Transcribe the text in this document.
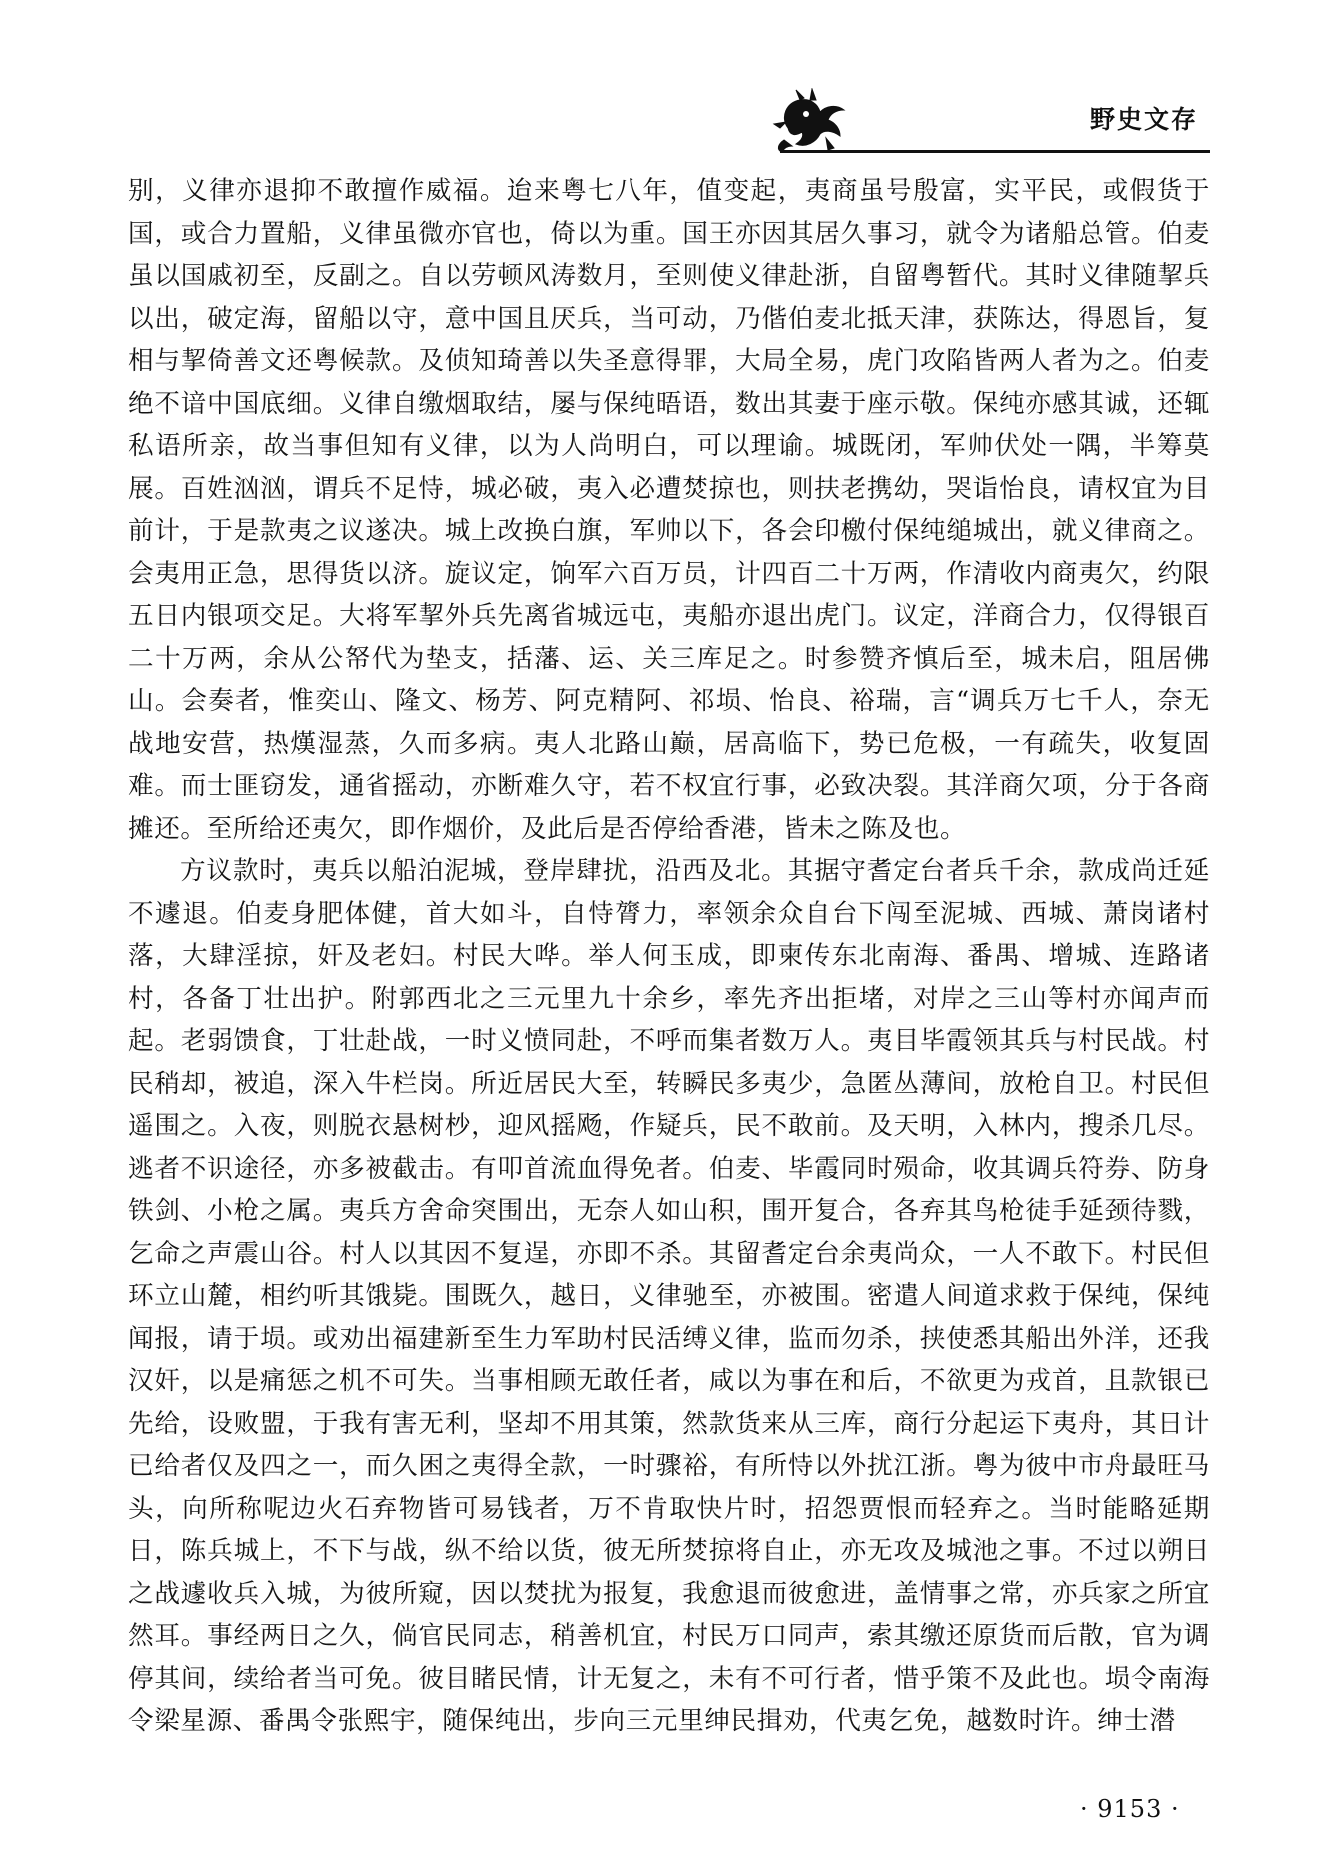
野史文存

别，义律亦退抑不敢擅作威福。迨来粤七八年，值变起，夷商虽号殷富，实平民，或假货于国，或合力置船，义律虽微亦官也，倚以为重。国王亦因其居久事习，就令为诸船总管。伯麦虽以国戚初至，反副之。自以劳顿风涛数月，至则使义律赴浙，自留粤暂代。其时义律随挈兵以出，破定海，留船以守，意中国且厌兵，当可动，乃偕伯麦北抵天津，获陈达，得恩旨，复相与挈倚善文还粤候款。及侦知琦善以失圣意得罪，大局全易，虎门攻陷皆两人者为之。伯麦绝不谙中国底细。义律自缴烟取结，屡与保纯晤语，数出其妻于座示敬。保纯亦感其诚，还辄私语所亲，故当事但知有义律，以为人尚明白，可以理谕。城既闭，军帅伏处一隅，半筹莫展。百姓汹汹，谓兵不足恃，城必破，夷入必遭焚掠也，则扶老携幼，哭诣怡良，请权宜为目前计，于是款夷之议遂决。城上改换白旗，军帅以下，各会印檄付保纯缒城出，就义律商之。会夷用正急，思得货以济。旋议定，饷军六百万员，计四百二十万两，作清收内商夷欠，约限五日内银项交足。大将军挈外兵先离省城远屯，夷船亦退出虎门。议定，洋商合力，仅得银百二十万两，余从公帑代为垫支，括藩、运、关三库足之。时参赞齐慎后至，城未启，阻居佛山。会奏者，惟奕山、隆文、杨芳、阿克精阿、祁埙、怡良、裕瑞，言“调兵万七千人，奈无战地安营，热熯湿蒸，久而多病。夷人北路山巅，居高临下，势已危极，一有疏失，收复固难。而士匪窃发，通省摇动，亦断难久守，若不权宜行事，必致决裂。其洋商欠项，分于各商摊还。至所给还夷欠，即作烟价，及此后是否停给香港，皆未之陈及也。

方议款时，夷兵以船泊泥城，登岸肆扰，沿西及北。其据守耆定台者兵千余，款成尚迁延不遽退。伯麦身肥体健，首大如斗，自恃膂力，率领余众自台下闯至泥城、西城、萧岗诸村落，大肆淫掠，奸及老妇。村民大哗。举人何玉成，即柬传东北南海、番禺、增城、连路诸村，各备丁壮出护。附郭西北之三元里九十余乡，率先齐出拒堵，对岸之三山等村亦闻声而起。老弱馈食，丁壮赴战，一时义愤同赴，不呼而集者数万人。夷目毕霞领其兵与村民战。村民稍却，被追，深入牛栏岗。所近居民大至，转瞬民多夷少，急匿丛薄间，放枪自卫。村民但遥围之。入夜，则脱衣悬树杪，迎风摇飏，作疑兵，民不敢前。及天明，入林内，搜杀几尽。逃者不识途径，亦多被截击。有叩首流血得免者。伯麦、毕霞同时殒命，收其调兵符券、防身铁剑、小枪之属。夷兵方舍命突围出，无奈人如山积，围开复合，各弃其鸟枪徒手延颈待戮，乞命之声震山谷。村人以其因不复逞，亦即不杀。其留耆定台余夷尚众，一人不敢下。村民但环立山麓，相约听其饿毙。围既久，越日，义律驰至，亦被围。密遣人间道求救于保纯，保纯闻报，请于埙。或劝出福建新至生力军助村民活缚义律，监而勿杀，挟使悉其船出外洋，还我汉奸，以是痛惩之机不可失。当事相顾无敢任者，咸以为事在和后，不欲更为戎首，且款银已先给，设败盟，于我有害无利，坚却不用其策，然款货来从三库，商行分起运下夷舟，其日计已给者仅及四之一，而久困之夷得全款，一时骤裕，有所恃以外扰江浙。粤为彼中市舟最旺马头，向所称呢边火石弃物皆可易钱者，万不肯取快片时，招怨贾恨而轻弃之。当时能略延期日，陈兵城上，不下与战，纵不给以货，彼无所焚掠将自止，亦无攻及城池之事。不过以朔日之战遽收兵入城，为彼所窥，因以焚扰为报复，我愈退而彼愈进，盖情事之常，亦兵家之所宜然耳。事经两日之久，倘官民同志，稍善机宜，村民万口同声，索其缴还原货而后散，官为调停其间，续给者当可免。彼目睹民情，计无复之，未有不可行者，惜乎策不及此也。埙令南海令梁星源、番禺令张熙宇，随保纯出，步向三元里绅民揖劝，代夷乞免，越数时许。绅士潜

· 9153 ·
